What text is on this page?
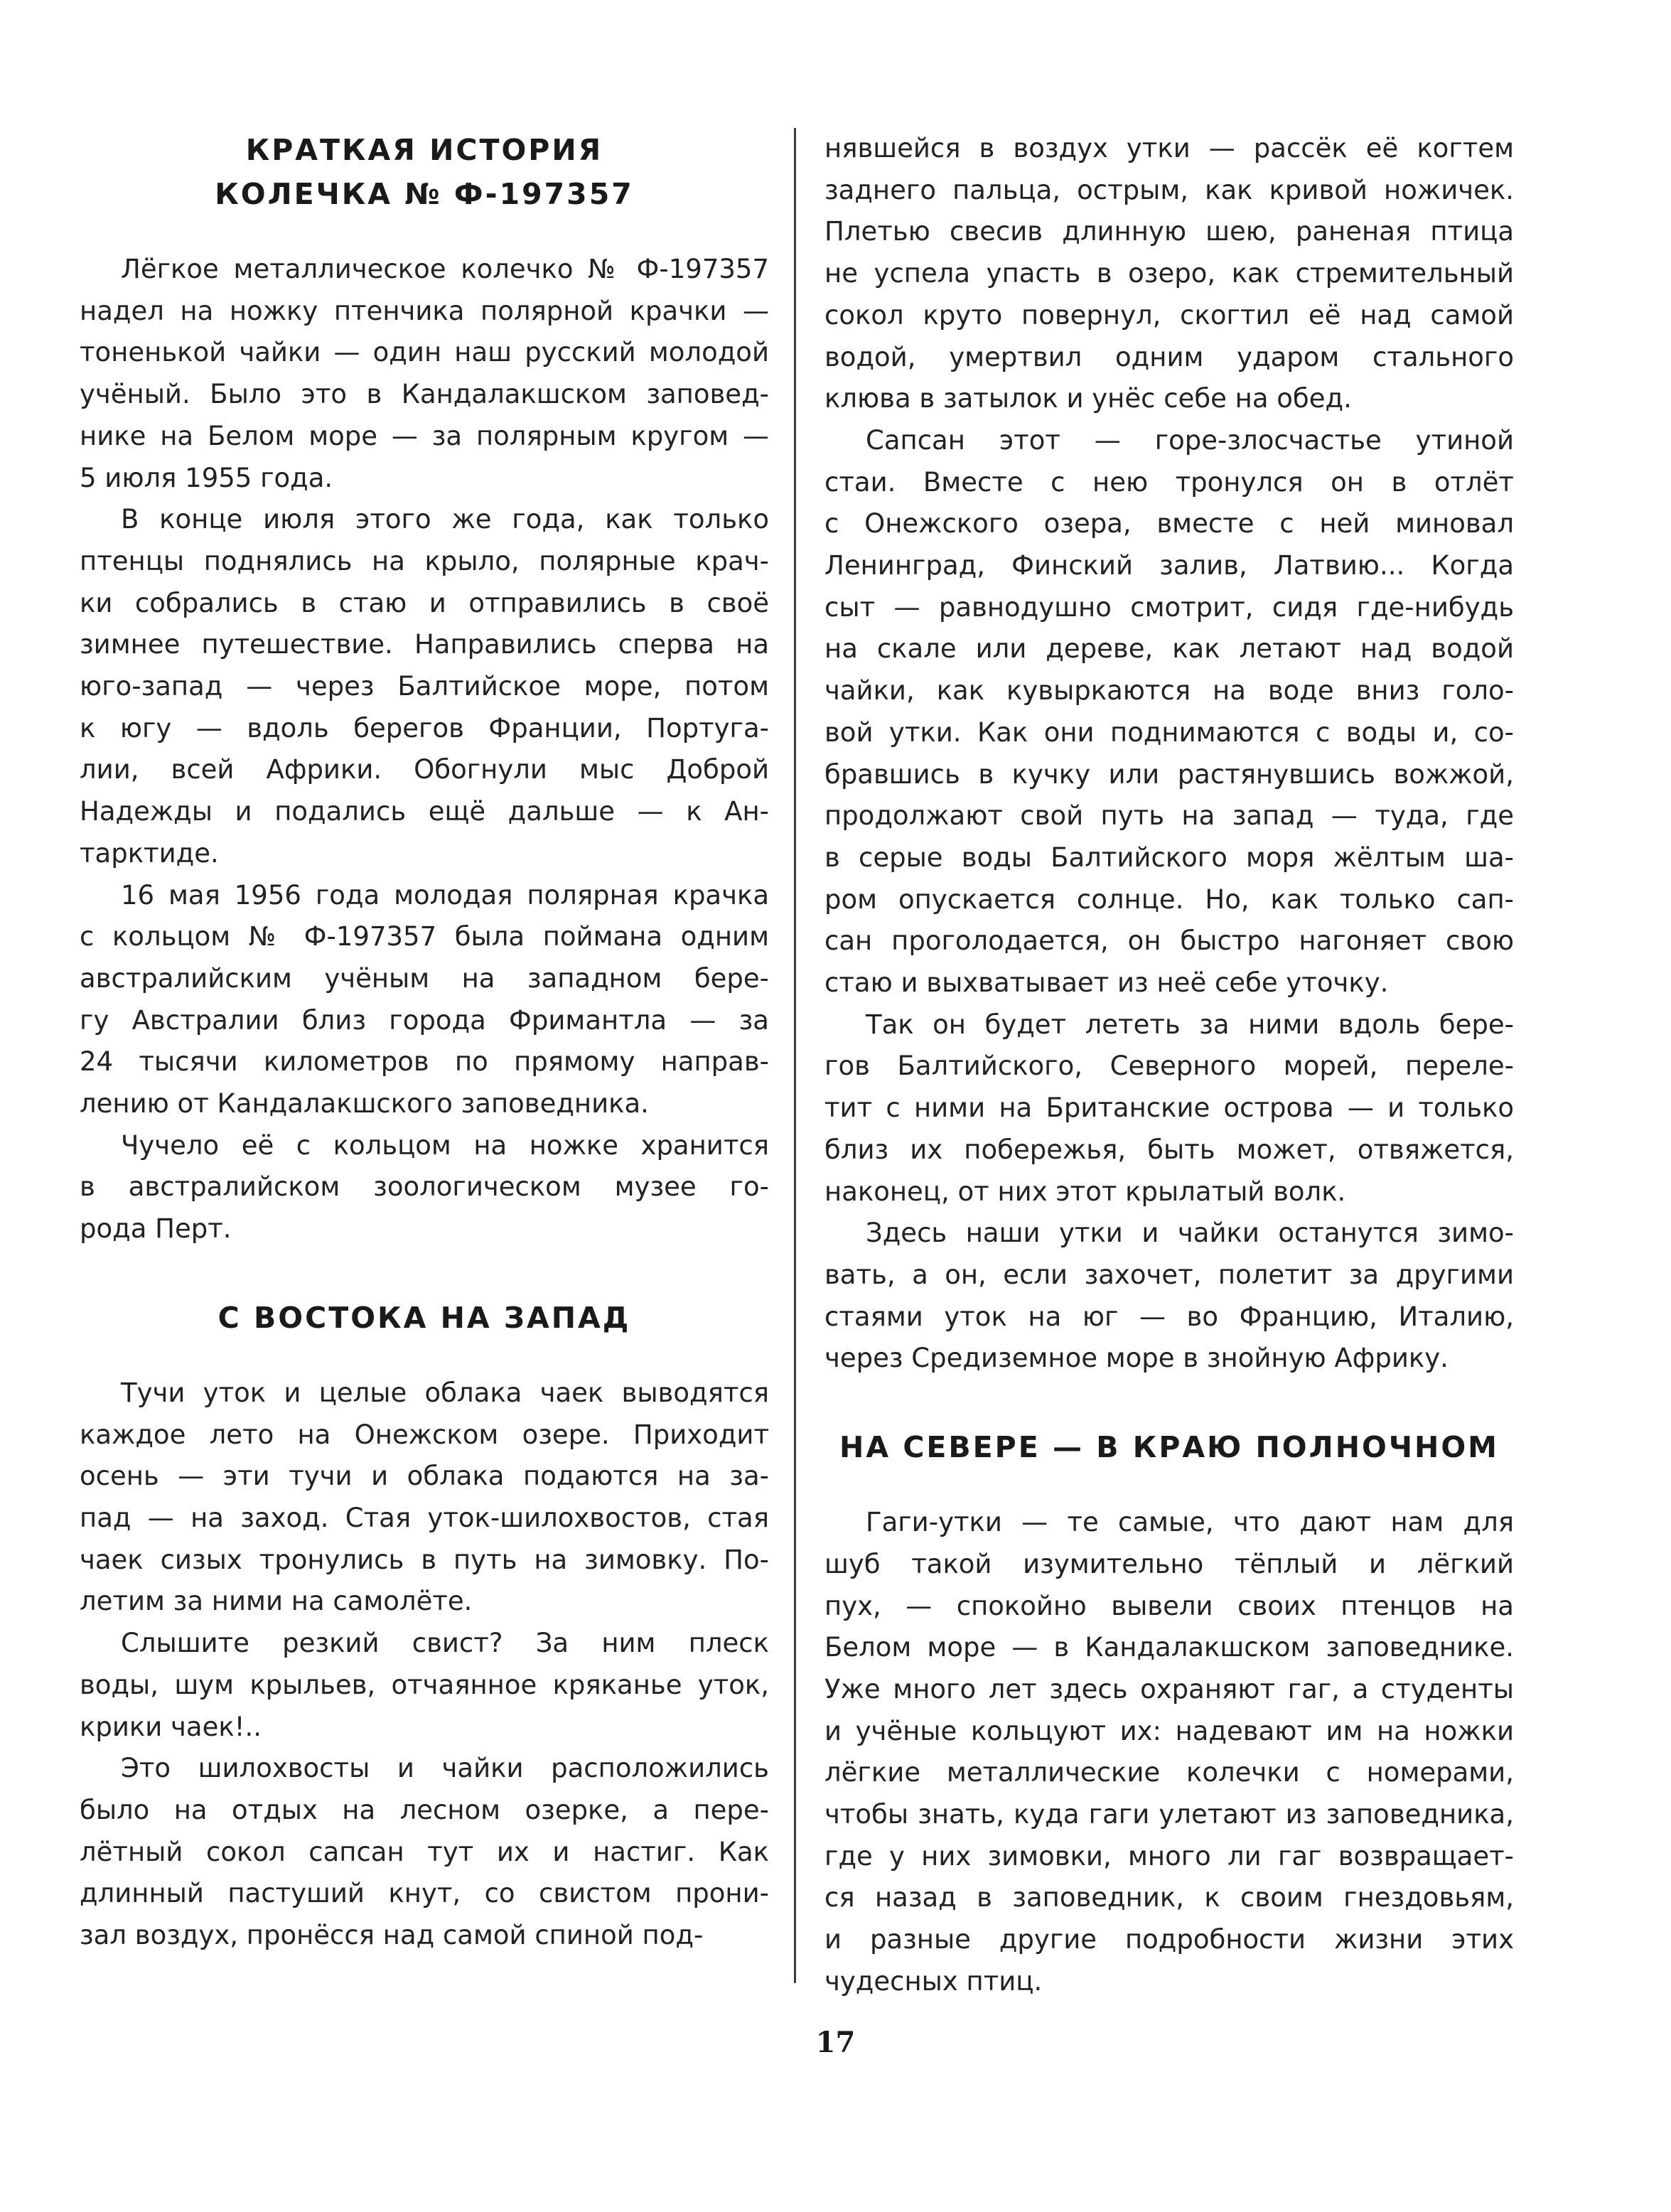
КРАТКАЯ ИСТОРИЯ
КОЛЕЧКА № Ф-197357

Лёгкое металлическое колечко № Ф-197357
надел на ножку птенчика полярной крачки —
тоненькой чайки — один наш русский молодой
учёный. Было это в Кандалакшском заповед-
нике на Белом море — за полярным кругом —
5 июля 1955 года.

В конце июля этого же года, как только
птенцы поднялись на крыло, полярные крач-
ки собрались в стаю и отправились в своё
зимнее путешествие. Направились сперва на
юго-запад — через Балтийское море, потом
к югу — вдоль берегов Франции, Португа-
лии, всей Африки. Обогнули мыс Доброй
Надежды и подались ещё дальше — к Ан-
тарктиде.

16 мая 1956 года молодая полярная крачка
с кольцом № Ф-197357 была поймана одним
австралийским учёным на западном бере-
гу Австралии близ города Фримантла — за
24 тысячи километров по прямому направ-
лению от Кандалакшского заповедника.

Чучело её с кольцом на ножке хранится
в австралийском зоологическом музее го-
рода Перт.

С ВОСТОКА НА ЗАПАД

Тучи уток и целые облака чаек выводятся
каждое лето на Онежском озере. Приходит
осень — эти тучи и облака подаются на за-
пад — на заход. Стая уток-шилохвостов, стая
чаек сизых тронулись в путь на зимовку. По-
летим за ними на самолёте.

Слышите резкий свист? За ним плеск
воды, шум крыльев, отчаянное кряканье уток,
крики чаек!..

Это шилохвосты и чайки расположились
было на отдых на лесном озерке, а пере-
лётный сокол сапсан тут их и настиг. Как
длинный пастуший кнут, со свистом прони-
зал воздух, пронёсся над самой спиной под-

нявшейся в воздух утки — рассёк её когтем
заднего пальца, острым, как кривой ножичек.
Плетью свесив длинную шею, раненая птица
не успела упасть в озеро, как стремительный
сокол круто повернул, скогтил её над самой
водой, умертвил одним ударом стального
клюва в затылок и унёс себе на обед.

Сапсан этот — горе-злосчастье утиной
стаи. Вместе с нею тронулся он в отлёт
с Онежского озера, вместе с ней миновал
Ленинград, Финский залив, Латвию... Когда
сыт — равнодушно смотрит, сидя где-нибудь
на скале или дереве, как летают над водой
чайки, как кувыркаются на воде вниз голо-
вой утки. Как они поднимаются с воды и, со-
бравшись в кучку или растянувшись вожжой,
продолжают свой путь на запад — туда, где
в серые воды Балтийского моря жёлтым ша-
ром опускается солнце. Но, как только сап-
сан проголодается, он быстро нагоняет свою
стаю и выхватывает из неё себе уточку.

Так он будет лететь за ними вдоль бере-
гов Балтийского, Северного морей, переле-
тит с ними на Британские острова — и только
близ их побережья, быть может, отвяжется,
наконец, от них этот крылатый волк.

Здесь наши утки и чайки останутся зимо-
вать, а он, если захочет, полетит за другими
стаями уток на юг — во Францию, Италию,
через Средиземное море в знойную Африку.

НА СЕВЕРЕ — В КРАЮ ПОЛНОЧНОМ

Гаги-утки — те самые, что дают нам для
шуб такой изумительно тёплый и лёгкий
пух, — спокойно вывели своих птенцов на
Белом море — в Кандалакшском заповеднике.
Уже много лет здесь охраняют гаг, а студенты
и учёные кольцуют их: надевают им на ножки
лёгкие металлические колечки с номерами,
чтобы знать, куда гаги улетают из заповедника,
где у них зимовки, много ли гаг возвращает-
ся назад в заповедник, к своим гнездовьям,
и разные другие подробности жизни этих
чудесных птиц.

17
